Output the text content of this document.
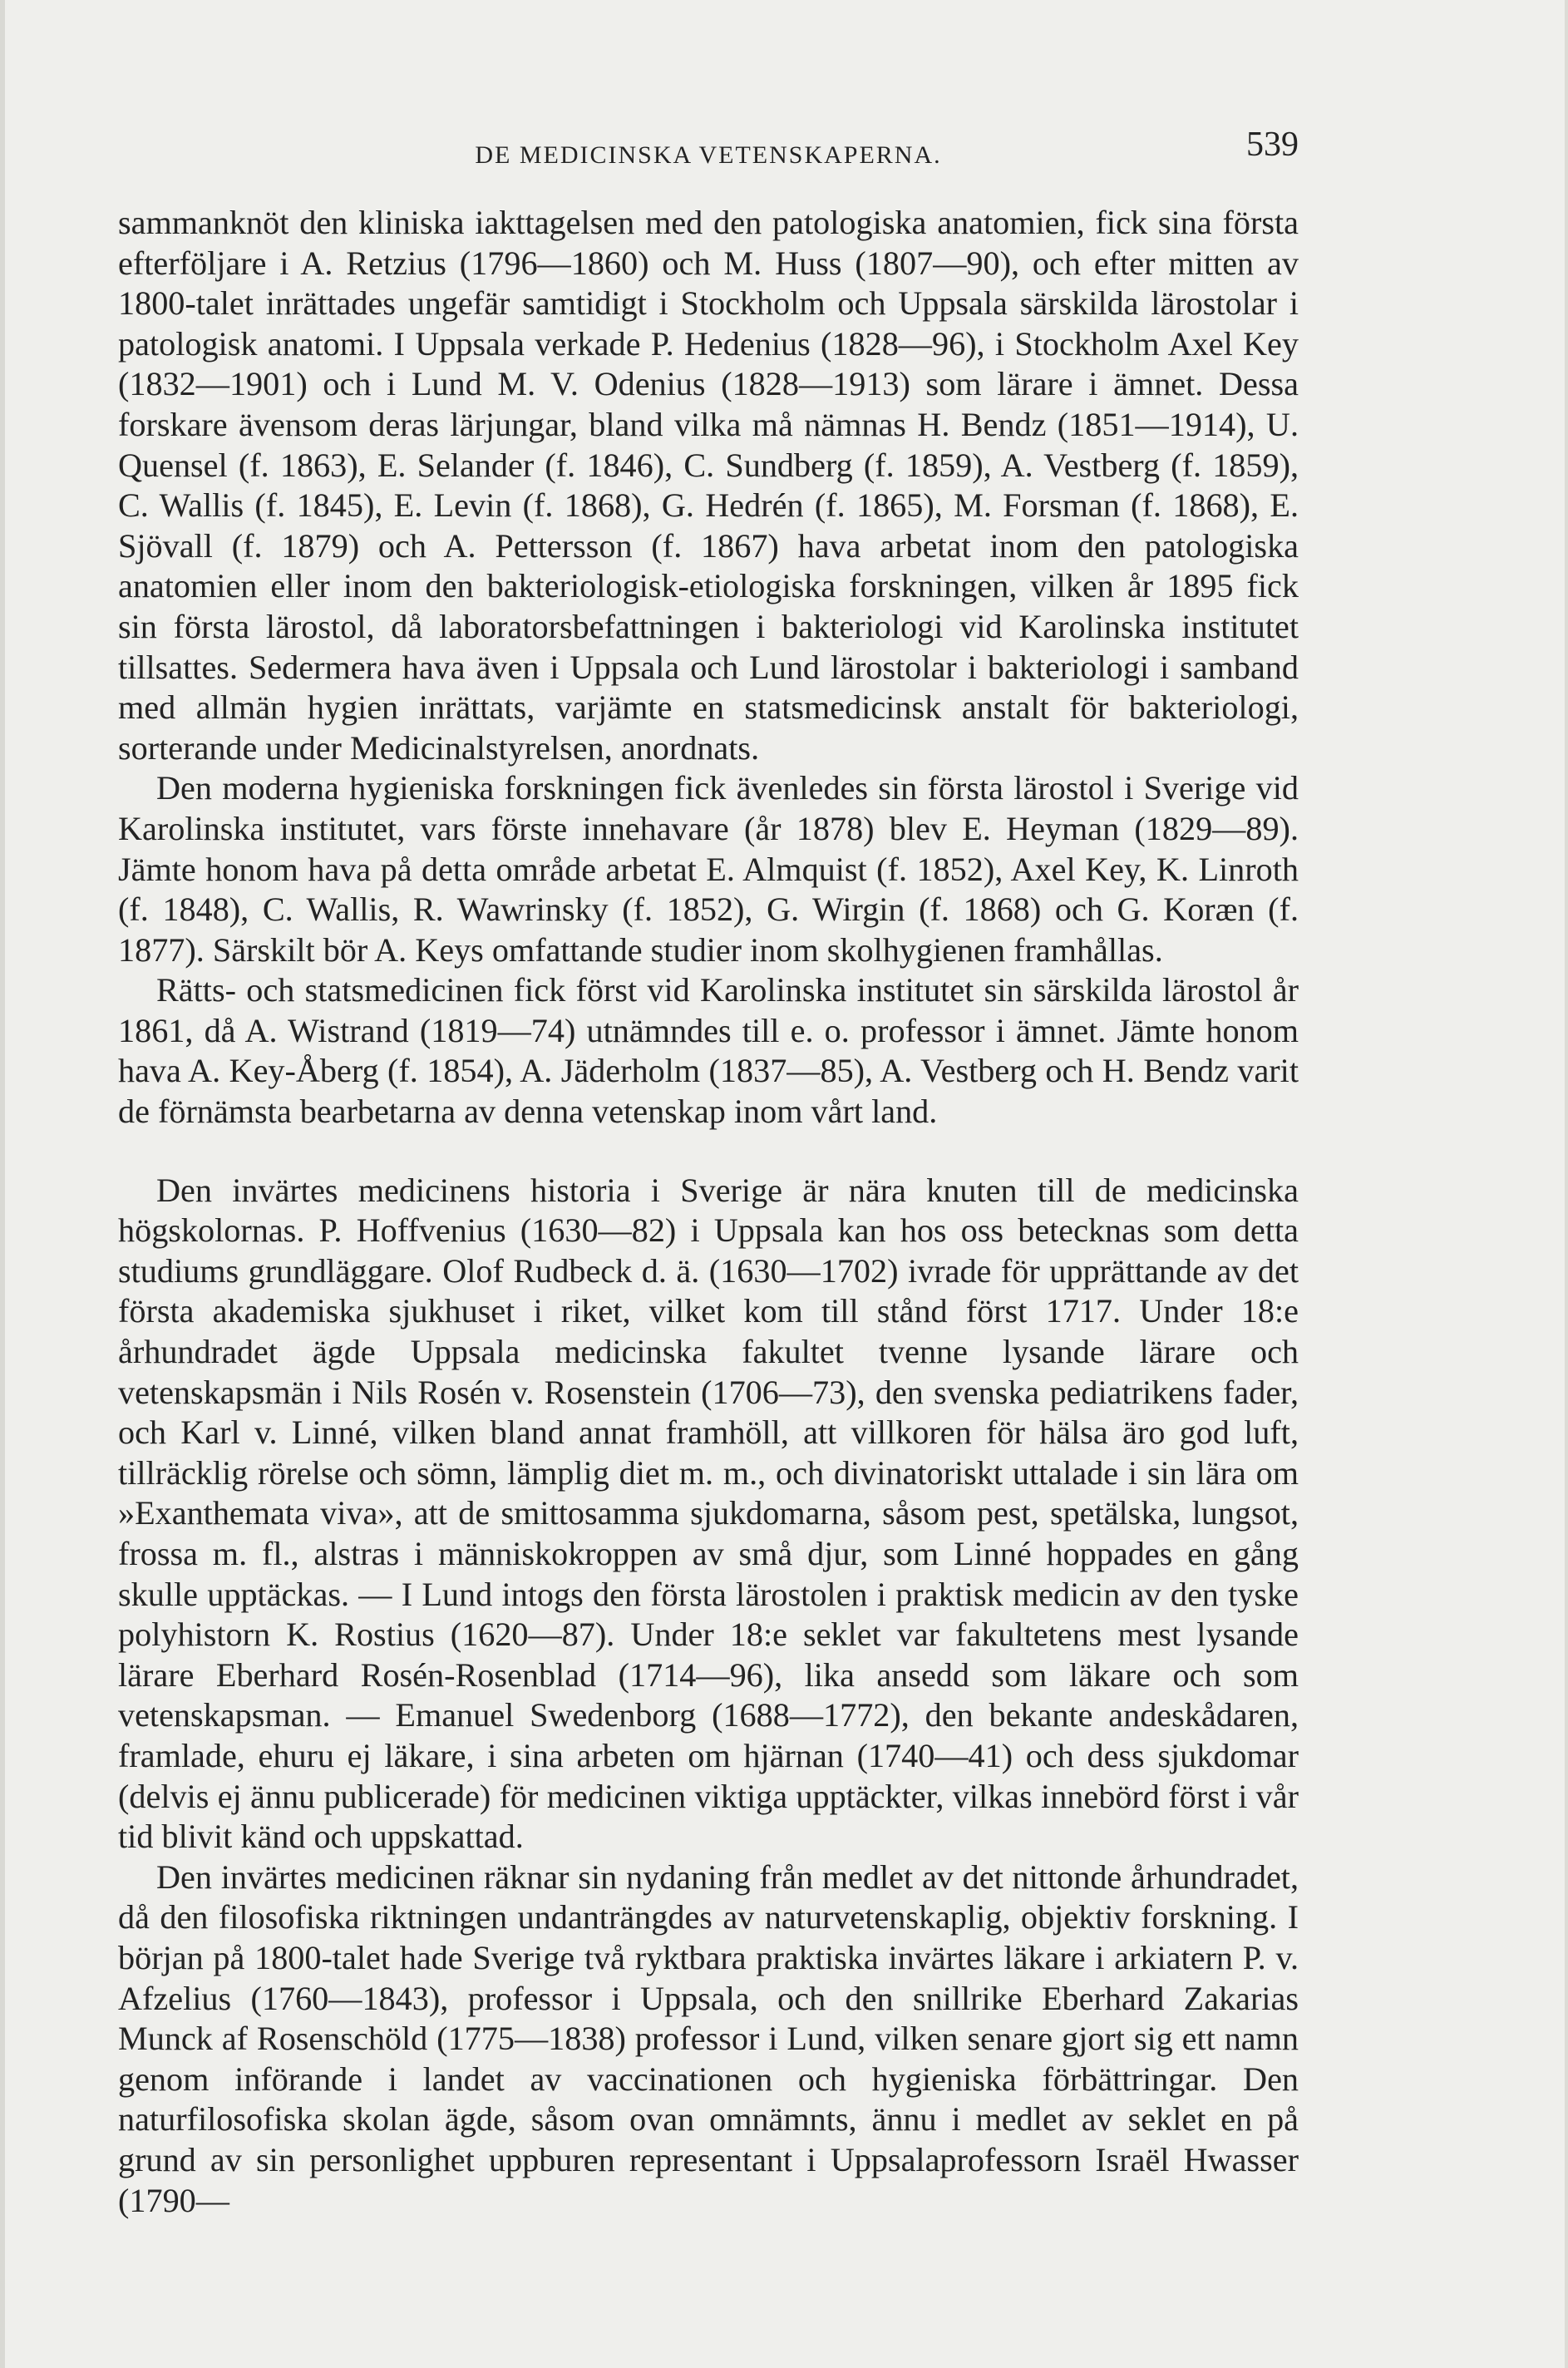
DE MEDICINSKA VETENSKAPERNA.	539

sammanknöt den kliniska iakttagelsen med den patologiska anatomien, fick sina första efterföljare i A. Retzius (1796—1860) och M. Huss (1807—90), och efter mitten av 1800-talet inrättades ungefär samtidigt i Stockholm och Uppsala särskilda lärostolar i patologisk anatomi. I Uppsala verkade P. Hedenius (1828—96), i Stockholm Axel Key (1832—1901) och i Lund M. V. Odenius (1828—1913) som lärare i ämnet. Dessa forskare ävensom deras lärjungar, bland vilka må nämnas H. Bendz (1851—1914), U. Quensel (f. 1863), E. Selander (f. 1846), C. Sundberg (f. 1859), A. Vestberg (f. 1859), C. Wallis (f. 1845), E. Levin (f. 1868), G. Hedrén (f. 1865), M. Forsman (f. 1868), E. Sjövall (f. 1879) och A. Pettersson (f. 1867) hava arbetat inom den patologiska anatomien eller inom den bakteriologisk-etiologiska forskningen, vilken år 1895 fick sin första lärostol, då laboratorsbefattningen i bakteriologi vid Karolinska institutet tillsattes. Sedermera hava även i Uppsala och Lund lärostolar i bakteriologi i samband med allmän hygien inrättats, varjämte en statsmedicinsk anstalt för bakteriologi, sorterande under Medicinalstyrelsen, anordnats.

Den moderna hygieniska forskningen fick ävenledes sin första lärostol i Sverige vid Karolinska institutet, vars förste innehavare (år 1878) blev E. Heyman (1829—89). Jämte honom hava på detta område arbetat E. Almquist (f. 1852), Axel Key, K. Linroth (f. 1848), C. Wallis, R. Wawrinsky (f. 1852), G. Wirgin (f. 1868) och G. Koræn (f. 1877). Särskilt bör A. Keys omfattande studier inom skolhygienen framhållas.

Rätts- och statsmedicinen fick först vid Karolinska institutet sin särskilda lärostol år 1861, då A. Wistrand (1819—74) utnämndes till e. o. professor i ämnet. Jämte honom hava A. Key-Åberg (f. 1854), A. Jäderholm (1837—85), A. Vestberg och H. Bendz varit de förnämsta bearbetarna av denna vetenskap inom vårt land.

Den invärtes medicinens historia i Sverige är nära knuten till de medicinska högskolornas. P. Hoffvenius (1630—82) i Uppsala kan hos oss betecknas som detta studiums grundläggare. Olof Rudbeck d. ä. (1630—1702) ivrade för upprättande av det första akademiska sjukhuset i riket, vilket kom till stånd först 1717. Under 18:e århundradet ägde Uppsala medicinska fakultet tvenne lysande lärare och vetenskapsmän i Nils Rosén v. Rosenstein (1706—73), den svenska pediatrikens fader, och Karl v. Linné, vilken bland annat framhöll, att villkoren för hälsa äro god luft, tillräcklig rörelse och sömn, lämplig diet m. m., och divinatoriskt uttalade i sin lära om »Exanthemata viva», att de smittosamma sjukdomarna, såsom pest, spetälska, lungsot, frossa m. fl., alstras i människokroppen av små djur, som Linné hoppades en gång skulle upptäckas. — I Lund intogs den första lärostolen i praktisk medicin av den tyske polyhistorn K. Rostius (1620—87). Under 18:e seklet var fakultetens mest lysande lärare Eberhard Rosén-Rosenblad (1714—96), lika ansedd som läkare och som vetenskapsman. — Emanuel Swedenborg (1688—1772), den bekante andeskådaren, framlade, ehuru ej läkare, i sina arbeten om hjärnan (1740—41) och dess sjukdomar (delvis ej ännu publicerade) för medicinen viktiga upptäckter, vilkas innebörd först i vår tid blivit känd och uppskattad.

Den invärtes medicinen räknar sin nydaning från medlet av det nittonde århundradet, då den filosofiska riktningen undanträngdes av naturvetenskaplig, objektiv forskning. I början på 1800-talet hade Sverige två ryktbara praktiska invärtes läkare i arkiatern P. v. Afzelius (1760—1843), professor i Uppsala, och den snillrike Eberhard Zakarias Munck af Rosenschöld (1775—1838) professor i Lund, vilken senare gjort sig ett namn genom införande i landet av vaccinationen och hygieniska förbättringar. Den naturfilosofiska skolan ägde, såsom ovan omnämnts, ännu i medlet av seklet en på grund av sin personlighet uppburen representant i Uppsalaprofessorn Israël Hwasser (1790—
